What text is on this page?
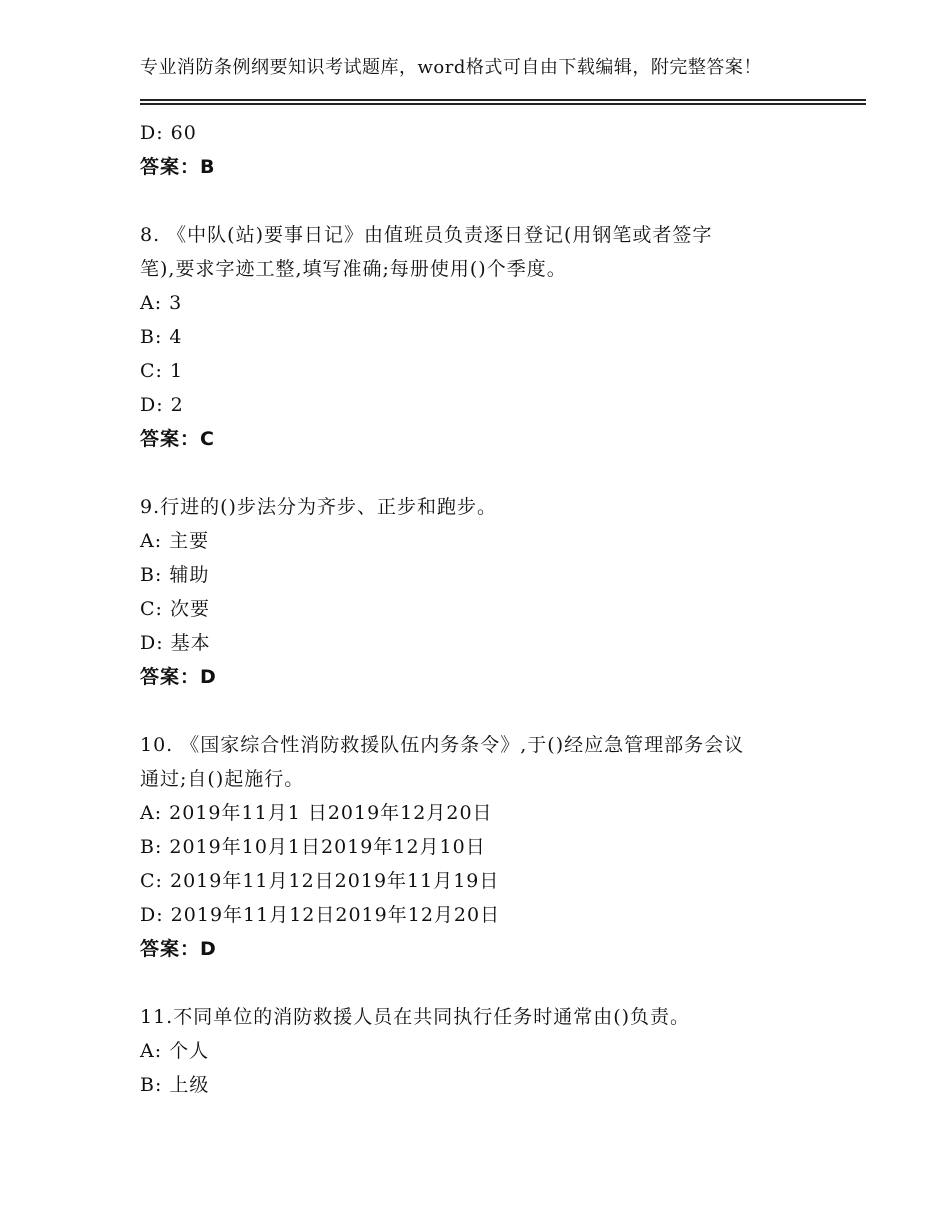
专业消防条例纲要知识考试题库，word格式可自由下载编辑，附完整答案！
D: 60
答案：B
8. 《中队(站)要事日记》由值班员负责逐日登记(用钢笔或者签字
笔),要求字迹工整,填写准确;每册使用()个季度。
A: 3
B: 4
C: 1
D: 2
答案：C
9.行进的()步法分为齐步、正步和跑步。
A: 主要
B: 辅助
C: 次要
D: 基本
答案：D
10. 《国家综合性消防救援队伍内务条令》,于()经应急管理部务会议
通过;自()起施行。
A: 2019年11月1 日2019年12月20日
B: 2019年10月1日2019年12月10日
C: 2019年11月12日2019年11月19日
D: 2019年11月12日2019年12月20日
答案：D
11.不同单位的消防救援人员在共同执行任务时通常由()负责。
A: 个人
B: 上级
